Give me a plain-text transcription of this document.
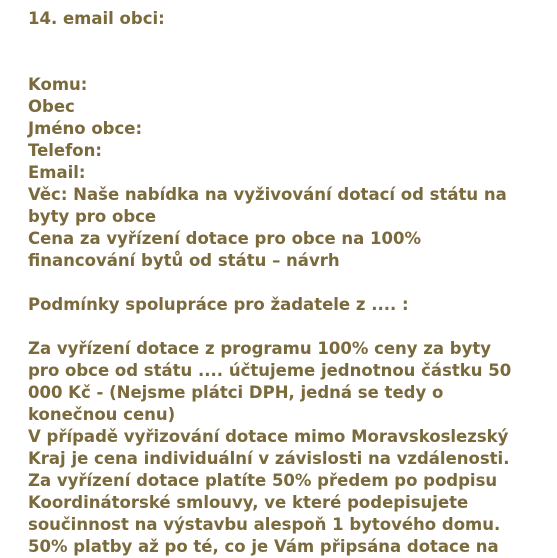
14. email obci:
Komu:
Obec
Jméno obce:
Telefon:
Email:
Věc: Naše nabídka na vyživování dotací od státu na
byty pro obce
Cena za vyřízení dotace pro obce na 100%
financování bytů od státu – návrh
Podmínky spolupráce pro žadatele z .... :
Za vyřízení dotace z programu 100% ceny za byty
pro obce od státu .... účtujeme jednotnou částku 50
000 Kč - (Nejsme plátci DPH, jedná se tedy o
konečnou cenu)
V případě vyřizování dotace mimo Moravskoslezský
Kraj je cena individuální v závislosti na vzdálenosti.
Za vyřízení dotace platíte 50% předem po podpisu
Koordinátorské smlouvy, ve které podepisujete
součinnost na výstavbu alespoň 1 bytového domu.
50% platby až po té, co je Vám připsána dotace na
